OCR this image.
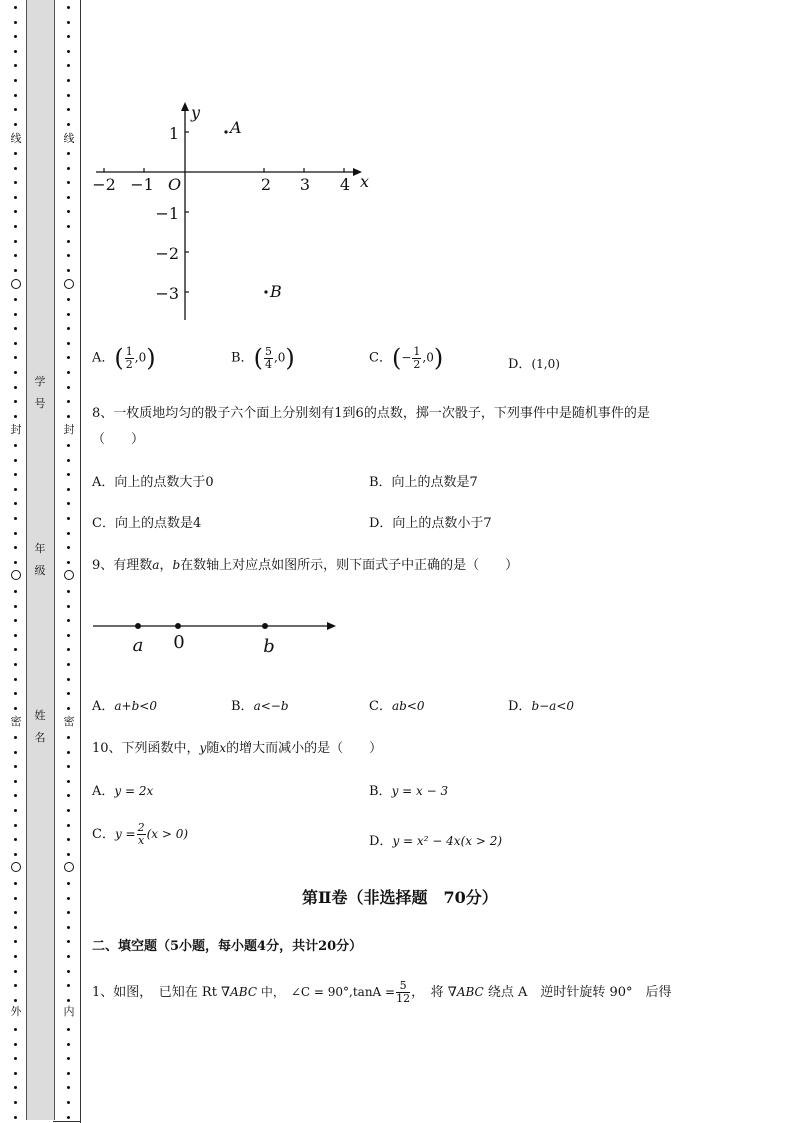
线
封
密
外
线
封
密
内
学
号
年
级
姓
名
−2 −1	2 3 4
1
−1
−2
−3
O	x
y
A
B
A．( $\frac{1}{2} ,0$)	B．( $\frac{5}{4} ,0$)	C．(− $\frac{1}{2} ,0$)	D．(1,0)
8、一枚质地均匀的骰子六个面上分别刻有1到6的点数，掷一次骰子，下列事件中是随机事件的是
（　　）
A．向上的点数大于0	B．向上的点数是7
C．向上的点数是4	D．向上的点数小于7
9、有理数a，b在数轴上对应点如图所示，则下面式子中正确的是（　　）
a 0	b
A．a+b<0	B．a<−b	C．ab<0	D．b−a<0
10、下列函数中，y随x的增大而减小的是（　　）
A．y = 2x	B．y = x − 3
C．$y = \frac{2}{x} (x > 0)$	D．y = x² − 4x(x > 2)
第Ⅱ卷（非选择题　70分）
二、填空题（5小题，每小题4分，共计20分）
1、如图，　已知在 Rt ∇ABC 中，　∠C = $90^\circ,\tan A = \frac{5}{12}$ ，　将 ∇ABC 绕点 A　逆时针旋转 90°　后得
